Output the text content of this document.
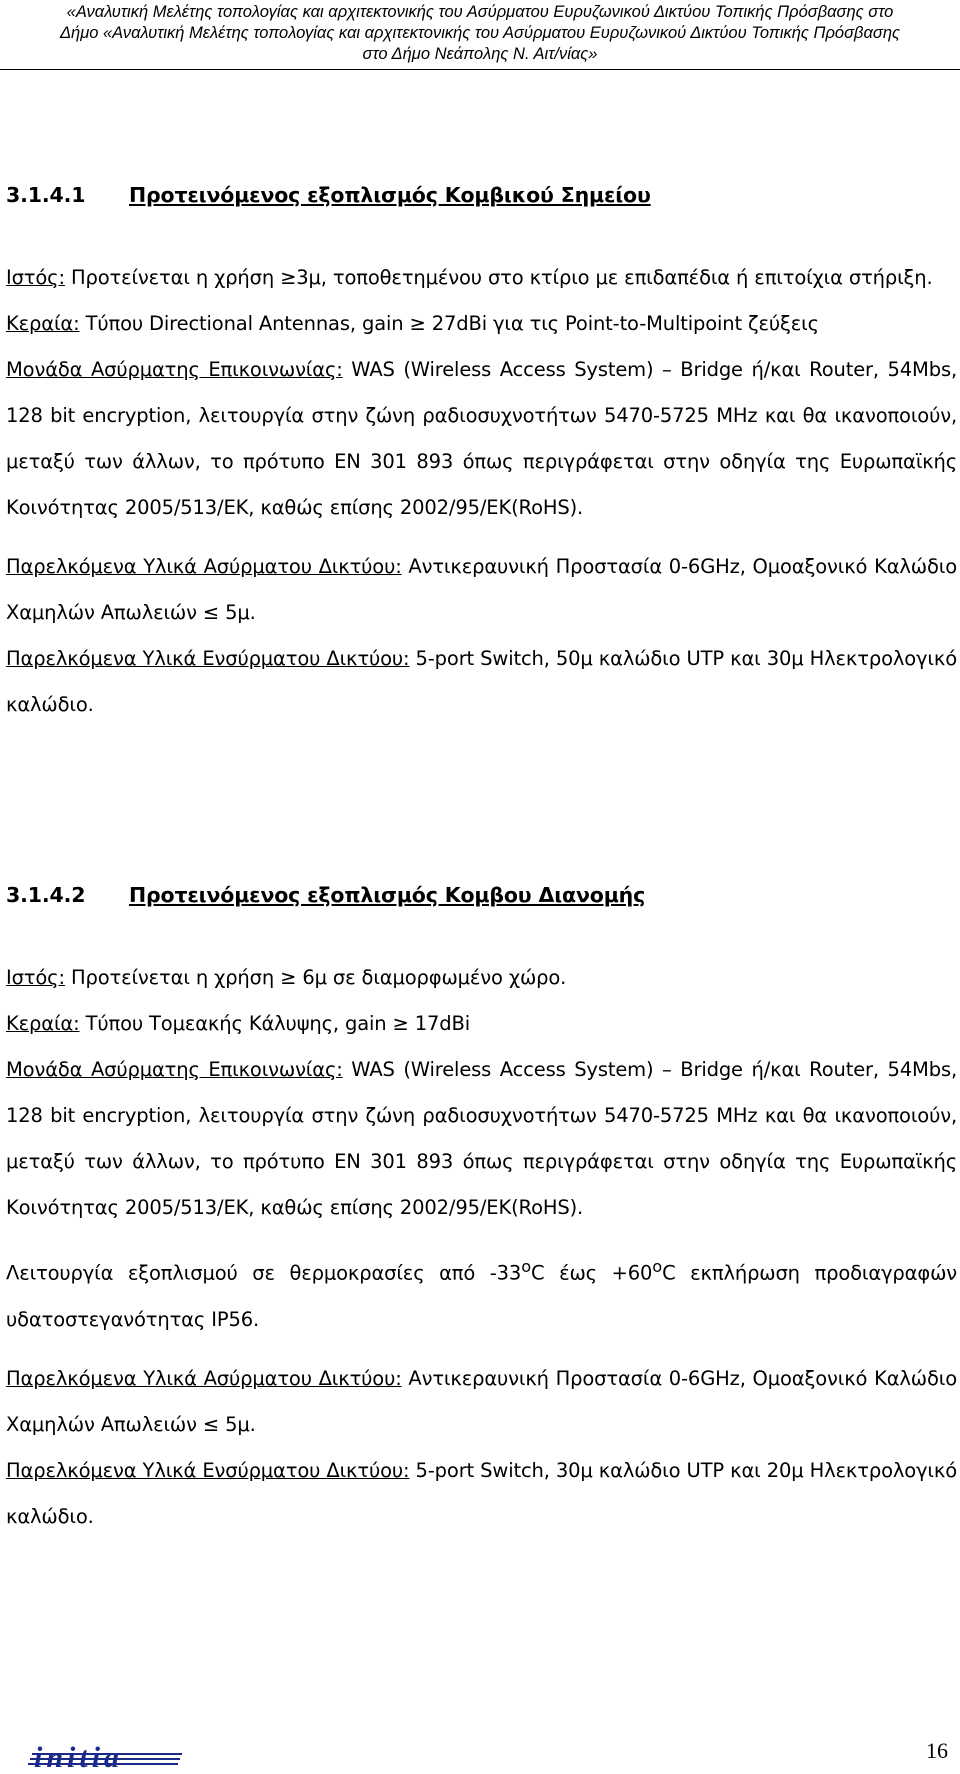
«Αναλυτική Μελέτης τοπολογίας και αρχιτεκτονικής του Ασύρματου Ευρυζωνικού Δικτύου Τοπικής Πρόσβασης στο
Δήμο «Αναλυτική Μελέτης τοπολογίας και αρχιτεκτονικής του Ασύρματου Ευρυζωνικού Δικτύου Τοπικής Πρόσβασης
στο Δήμο Νεάπολης Ν. Αιτ/νίας»
3.1.4.1 Προτεινόμενος εξοπλισμός Κομβικού Σημείου

Ιστός: Προτείνεται η χρήση ≥3μ, τοποθετημένου στο κτίριο με επιδαπέδια ή επιτοίχια στήριξη.

Κεραία: Τύπου Directional Antennas, gain ≥ 27dBi για τις Point-to-Multipoint ζεύξεις

Μονάδα Ασύρματης Επικοινωνίας: WAS (Wireless Access System) – Bridge ή/και Router, 54Mbs, 128 bit encryption, λειτουργία στην ζώνη ραδιοσυχνοτήτων 5470-5725 MHz και θα ικανοποιούν, μεταξύ των άλλων, το πρότυπο ΕΝ 301 893 όπως περιγράφεται στην οδηγία της Ευρωπαϊκής Κοινότητας 2005/513/ΕΚ, καθώς επίσης 2002/95/ΕΚ(RoHS).

Παρελκόμενα Υλικά Ασύρματου Δικτύου: Αντικεραυνική Προστασία 0-6GHz, Ομοαξονικό Καλώδιο Χαμηλών Απωλειών ≤ 5μ.

Παρελκόμενα Υλικά Ενσύρματου Δικτύου: 5-port Switch, 50μ καλώδιο UTP και 30μ Ηλεκτρολογικό καλώδιο.

3.1.4.2 Προτεινόμενος εξοπλισμός Κομβου Διανομής

Ιστός: Προτείνεται η χρήση ≥ 6μ σε διαμορφωμένο χώρο.

Κεραία: Τύπου Τομεακής Κάλυψης, gain ≥ 17dBi

Μονάδα Ασύρματης Επικοινωνίας: WAS (Wireless Access System) – Bridge ή/και Router, 54Mbs, 128 bit encryption, λειτουργία στην ζώνη ραδιοσυχνοτήτων 5470-5725 MHz και θα ικανοποιούν, μεταξύ των άλλων, το πρότυπο ΕΝ 301 893 όπως περιγράφεται στην οδηγία της Ευρωπαϊκής Κοινότητας 2005/513/ΕΚ, καθώς επίσης 2002/95/ΕΚ(RoHS).

Λειτουργία εξοπλισμού σε θερμοκρασίες από $-33^oC$ $έ\omega\varsigma +60^oC$ εκπλήρωση προδιαγραφών υδατοστεγανότητας IP56.

Παρελκόμενα Υλικά Ασύρματου Δικτύου: Αντικεραυνική Προστασία 0-6GHz, Ομοαξονικό Καλώδιο Χαμηλών Απωλειών ≤ 5μ.

Παρελκόμενα Υλικά Ενσύρματου Δικτύου: 5-port Switch, 30μ καλώδιο UTP και 20μ Ηλεκτρολογικό καλώδιο.

initia	16
